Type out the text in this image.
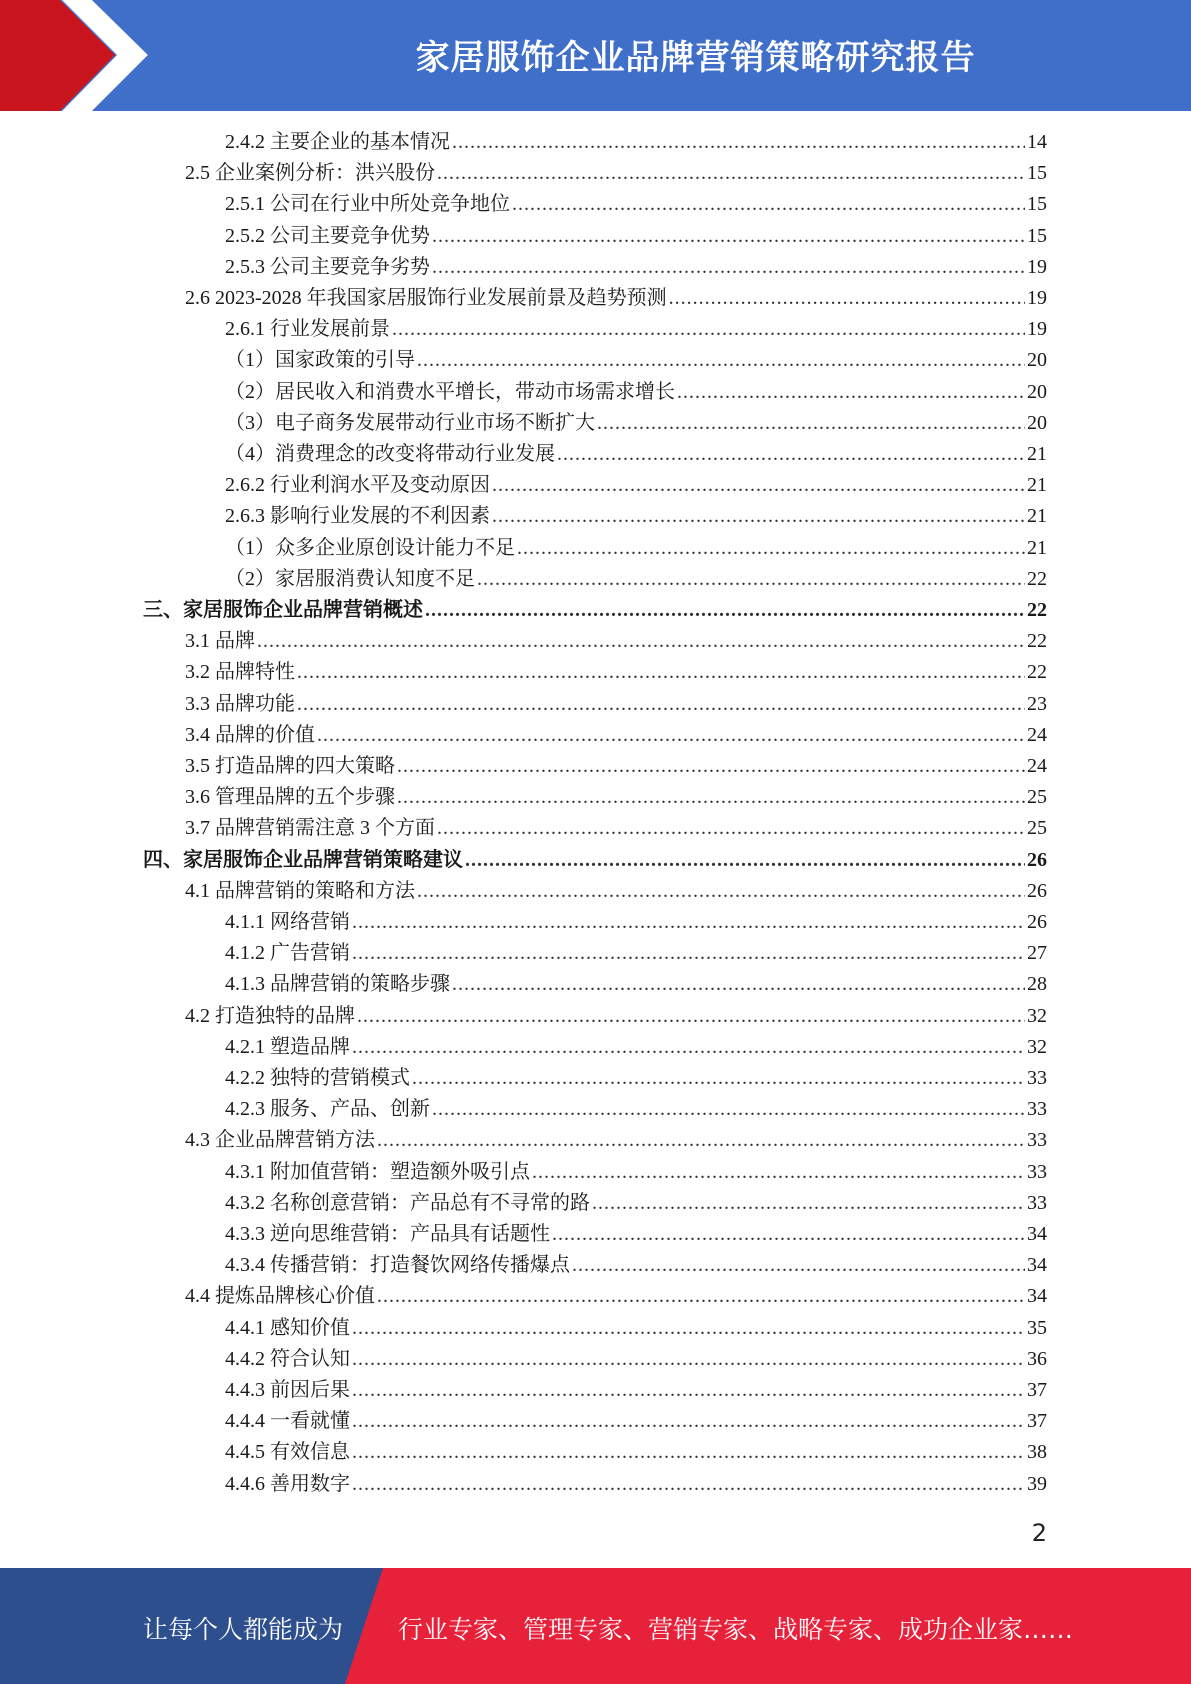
家居服饰企业品牌营销策略研究报告
2.4.2 主要企业的基本情况 .....	14
2.5 企业案例分析：洪兴股份 .....	15
2.5.1 公司在行业中所处竞争地位 .....	15
2.5.2 公司主要竞争优势 .....	15
2.5.3 公司主要竞争劣势 .....	19
2.6 2023-2028 年我国家居服饰行业发展前景及趋势预测 .....	19
2.6.1 行业发展前景 .....	19
（1）国家政策的引导 .....	20
（2）居民收入和消费水平增长，带动市场需求增长 .....	20
（3）电子商务发展带动行业市场不断扩大 .....	20
（4）消费理念的改变将带动行业发展 .....	21
2.6.2 行业利润水平及变动原因 .....	21
2.6.3 影响行业发展的不利因素 .....	21
（1）众多企业原创设计能力不足 .....	21
（2）家居服消费认知度不足 .....	22
三、家居服饰企业品牌营销概述 .....	22
3.1 品牌 .....	22
3.2 品牌特性 .....	22
3.3 品牌功能 .....	23
3.4 品牌的价值 .....	24
3.5 打造品牌的四大策略 .....	24
3.6 管理品牌的五个步骤 .....	25
3.7 品牌营销需注意 3 个方面 .....	25
四、家居服饰企业品牌营销策略建议 .....	26
4.1 品牌营销的策略和方法 .....	26
4.1.1 网络营销 .....	26
4.1.2 广告营销 .....	27
4.1.3 品牌营销的策略步骤 .....	28
4.2 打造独特的品牌 .....	32
4.2.1 塑造品牌 .....	32
4.2.2 独特的营销模式 .....	33
4.2.3 服务、产品、创新 .....	33
4.3 企业品牌营销方法 .....	33
4.3.1 附加值营销：塑造额外吸引点 .....	33
4.3.2 名称创意营销：产品总有不寻常的路 .....	33
4.3.3 逆向思维营销：产品具有话题性 .....	34
4.3.4 传播营销：打造餐饮网络传播爆点 .....	34
4.4 提炼品牌核心价值 .....	34
4.4.1 感知价值 .....	35
4.4.2 符合认知 .....	36
4.4.3 前因后果 .....	37
4.4.4 一看就懂 .....	37
4.4.5 有效信息 .....	38
4.4.6 善用数字 .....	39
2
让每个人都能成为 行业专家、管理专家、营销专家、战略专家、成功企业家……
